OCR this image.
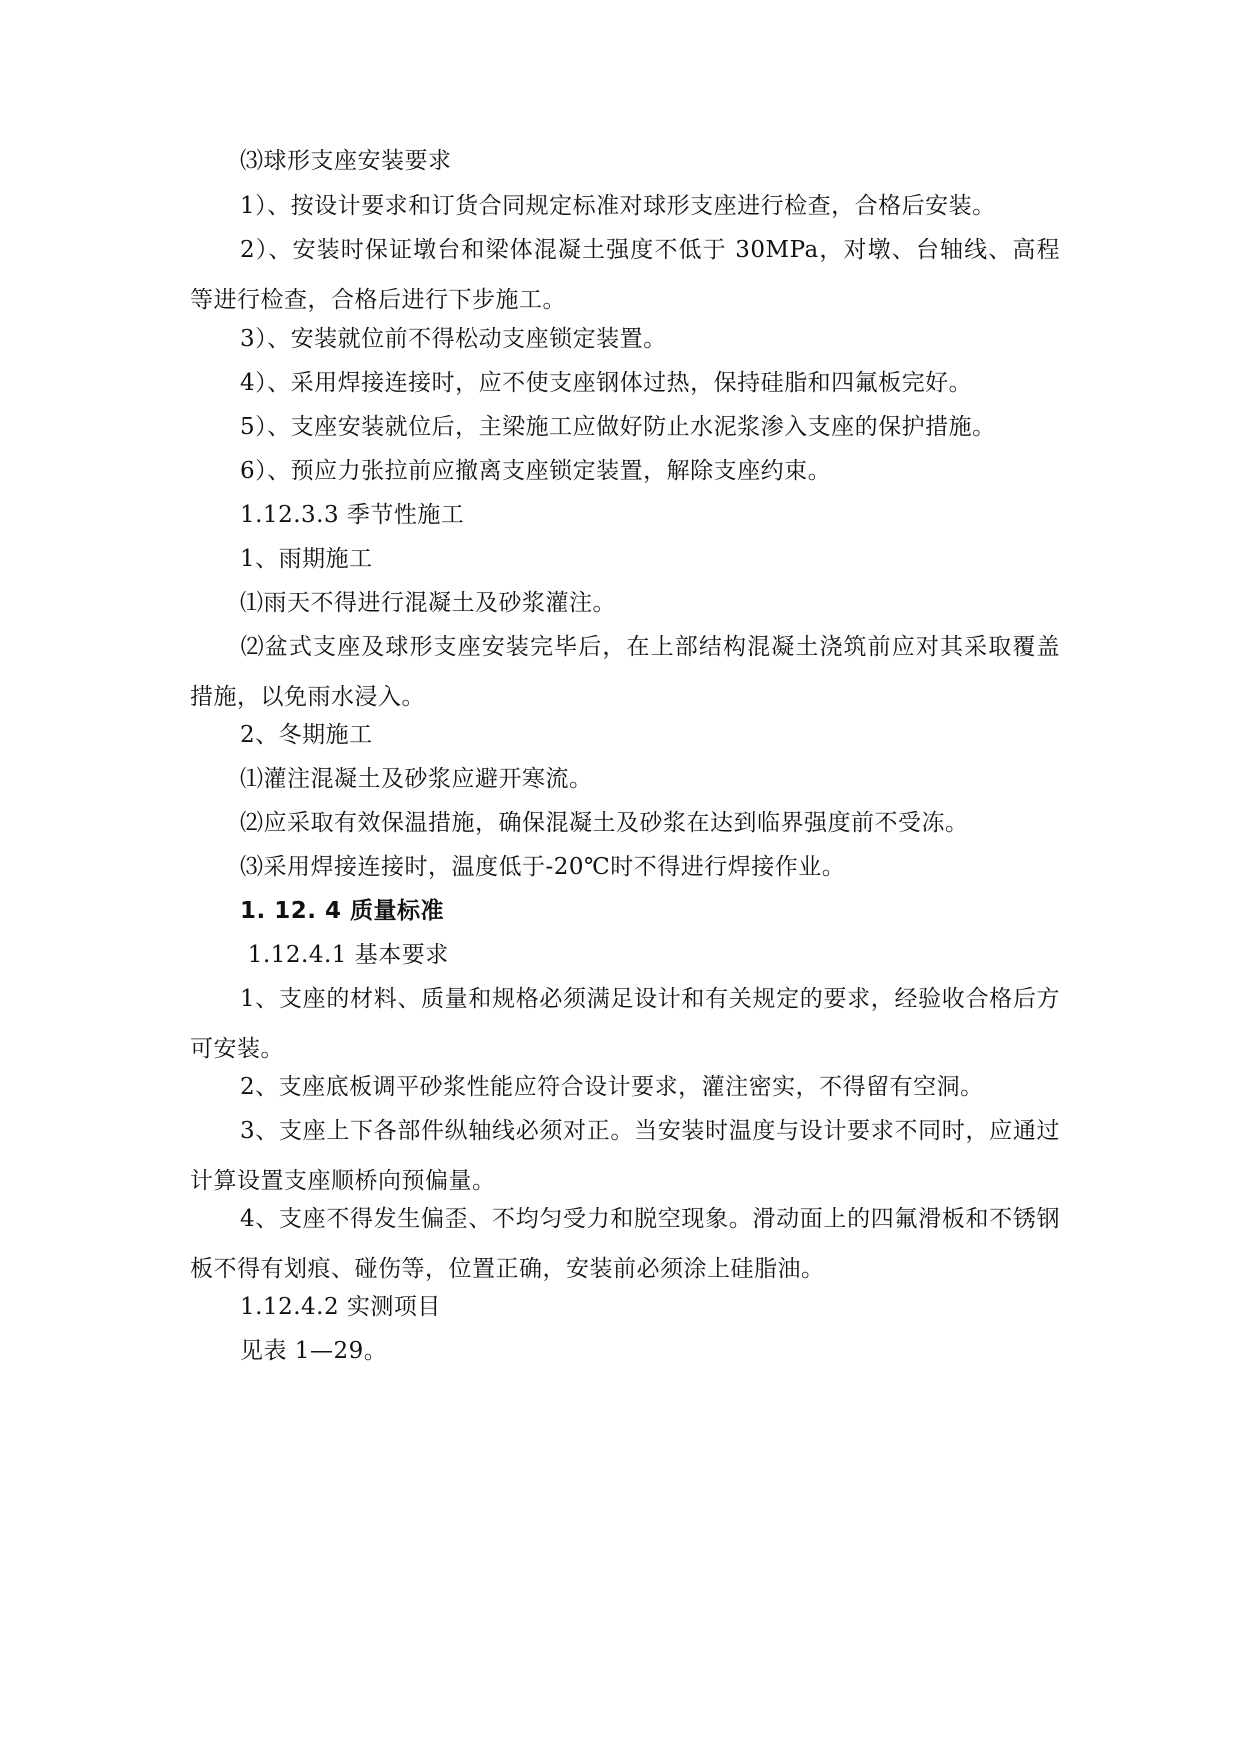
⑶球形支座安装要求
1）、按设计要求和订货合同规定标准对球形支座进行检查，合格后安装。
2）、安装时保证墩台和梁体混凝土强度不低于 30MPa，对墩、台轴线、高程等进行检查，合格后进行下步施工。
3）、安装就位前不得松动支座锁定装置。
4）、采用焊接连接时，应不使支座钢体过热，保持硅脂和四氟板完好。
5）、支座安装就位后，主梁施工应做好防止水泥浆渗入支座的保护措施。
6）、预应力张拉前应撤离支座锁定装置，解除支座约束。
1.12.3.3 季节性施工
1、雨期施工
⑴雨天不得进行混凝土及砂浆灌注。
⑵盆式支座及球形支座安装完毕后，在上部结构混凝土浇筑前应对其采取覆盖措施，以免雨水浸入。
2、冬期施工
⑴灌注混凝土及砂浆应避开寒流。
⑵应采取有效保温措施，确保混凝土及砂浆在达到临界强度前不受冻。
⑶采用焊接连接时，温度低于-20℃时不得进行焊接作业。
1. 12. 4 质量标准
1.12.4.1 基本要求
1、支座的材料、质量和规格必须满足设计和有关规定的要求，经验收合格后方可安装。
2、支座底板调平砂浆性能应符合设计要求，灌注密实，不得留有空洞。
3、支座上下各部件纵轴线必须对正。当安装时温度与设计要求不同时，应通过计算设置支座顺桥向预偏量。
4、支座不得发生偏歪、不均匀受力和脱空现象。滑动面上的四氟滑板和不锈钢板不得有划痕、碰伤等，位置正确，安装前必须涂上硅脂油。
1.12.4.2 实测项目
见表 1—29。
